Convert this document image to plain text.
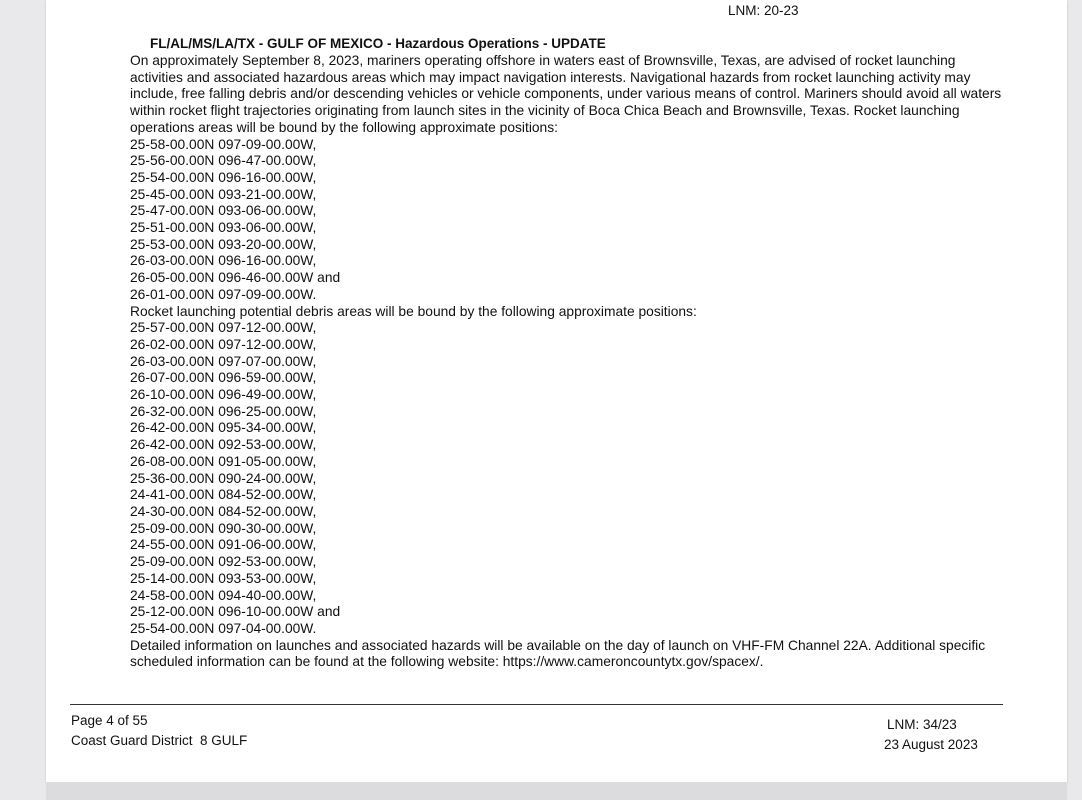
LNM: 20-23
FL/AL/MS/LA/TX - GULF OF MEXICO - Hazardous Operations - UPDATE

On approximately September 8, 2023, mariners operating offshore in waters east of Brownsville, Texas, are advised of rocket launching activities and associated hazardous areas which may impact navigation interests. Navigational hazards from rocket launching activity may include, free falling debris and/or descending vehicles or vehicle components, under various means of control. Mariners should avoid all waters within rocket flight trajectories originating from launch sites in the vicinity of Boca Chica Beach and Brownsville, Texas. Rocket launching operations areas will be bound by the following approximate positions:

25-58-00.00N 097-09-00.00W,
25-56-00.00N 096-47-00.00W,
25-54-00.00N 096-16-00.00W,
25-45-00.00N 093-21-00.00W,
25-47-00.00N 093-06-00.00W,
25-51-00.00N 093-06-00.00W,
25-53-00.00N 093-20-00.00W,
26-03-00.00N 096-16-00.00W,
26-05-00.00N 096-46-00.00W and
26-01-00.00N 097-09-00.00W.

Rocket launching potential debris areas will be bound by the following approximate positions:

25-57-00.00N 097-12-00.00W,
26-02-00.00N 097-12-00.00W,
26-03-00.00N 097-07-00.00W,
26-07-00.00N 096-59-00.00W,
26-10-00.00N 096-49-00.00W,
26-32-00.00N 096-25-00.00W,
26-42-00.00N 095-34-00.00W,
26-42-00.00N 092-53-00.00W,
26-08-00.00N 091-05-00.00W,
25-36-00.00N 090-24-00.00W,
24-41-00.00N 084-52-00.00W,
24-30-00.00N 084-52-00.00W,
25-09-00.00N 090-30-00.00W,
24-55-00.00N 091-06-00.00W,
25-09-00.00N 092-53-00.00W,
25-14-00.00N 093-53-00.00W,
24-58-00.00N 094-40-00.00W,
25-12-00.00N 096-10-00.00W and
25-54-00.00N 097-04-00.00W.

Detailed information on launches and associated hazards will be available on the day of launch on VHF-FM Channel 22A. Additional specific scheduled information can be found at the following website: https://www.cameroncountytx.gov/spacex/.

Page 4 of 55
Coast Guard District  8 GULF
LNM: 34/23
23 August 2023
